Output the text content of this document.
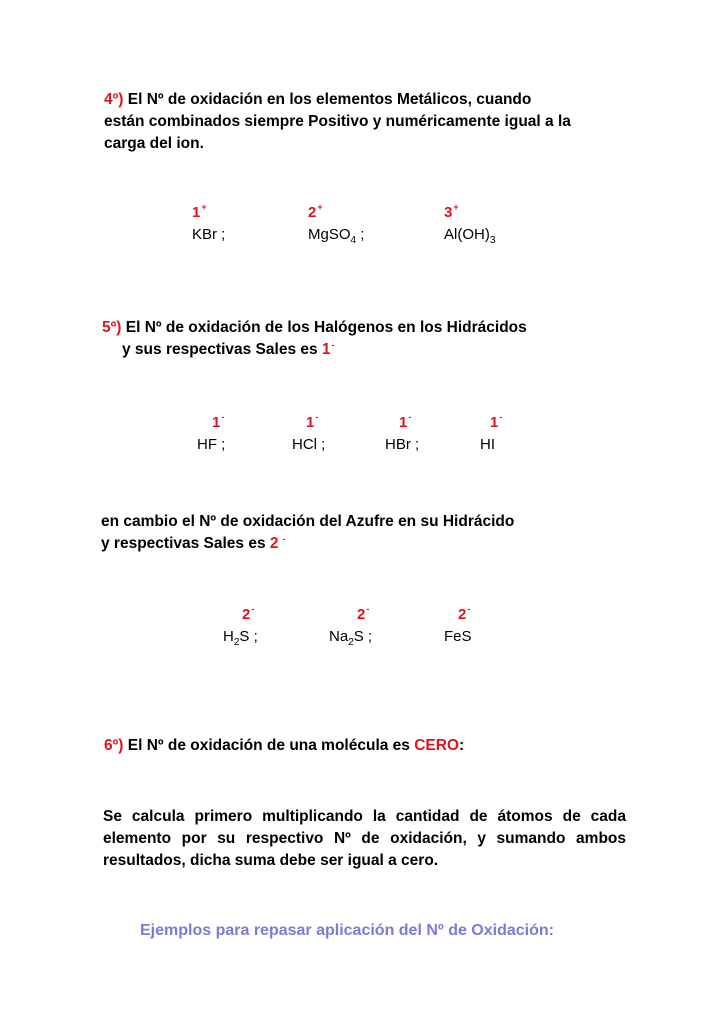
4º) El Nº de oxidación en los elementos Metálicos, cuando
están combinados siempre Positivo y numéricamente igual a la
carga del ion.
1+
KBr ;
2+
MgSO$_4$ ;
3+
$Al(OH)_3$
5º) El Nº de oxidación de los Halógenos en los Hidrácidos
y sus respectivas Sales es 1-
1-
HF ;
1-
HCl ;
1-
HBr ;
1-
HI
en cambio el Nº de oxidación del Azufre en su Hidrácido
y respectivas Sales es 2 -
2-
$H_2S$ ;
2-
$Na_2S$ ;
2-
FeS
6º) El Nº de oxidación de una molécula es CERO:
Se calcula primero multiplicando la cantidad de átomos de cada elemento por su respectivo Nº de oxidación, y sumando ambos resultados, dicha suma debe ser igual a cero.
Ejemplos para repasar aplicación del Nº de Oxidación:
